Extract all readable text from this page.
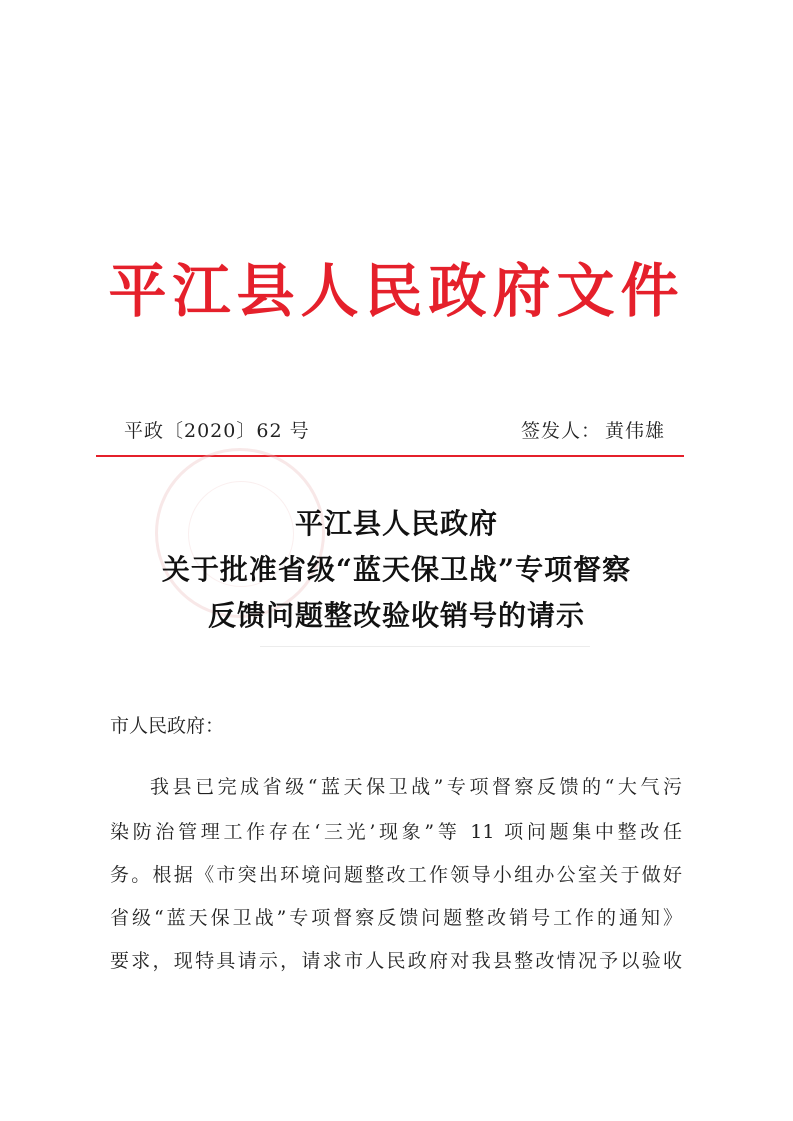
平江县人民政府文件
平政〔2020〕62 号	签发人： 黄伟雄
平江县人民政府
关于批准省级“蓝天保卫战”专项督察
反馈问题整改验收销号的请示
市人民政府：
我县已完成省级“蓝天保卫战”专项督察反馈的“大气污
染防治管理工作存在‘三光’现象”等 11 项问题集中整改任
务。根据《市突出环境问题整改工作领导小组办公室关于做好
省级“蓝天保卫战”专项督察反馈问题整改销号工作的通知》
要求，现特具请示，请求市人民政府对我县整改情况予以验收
